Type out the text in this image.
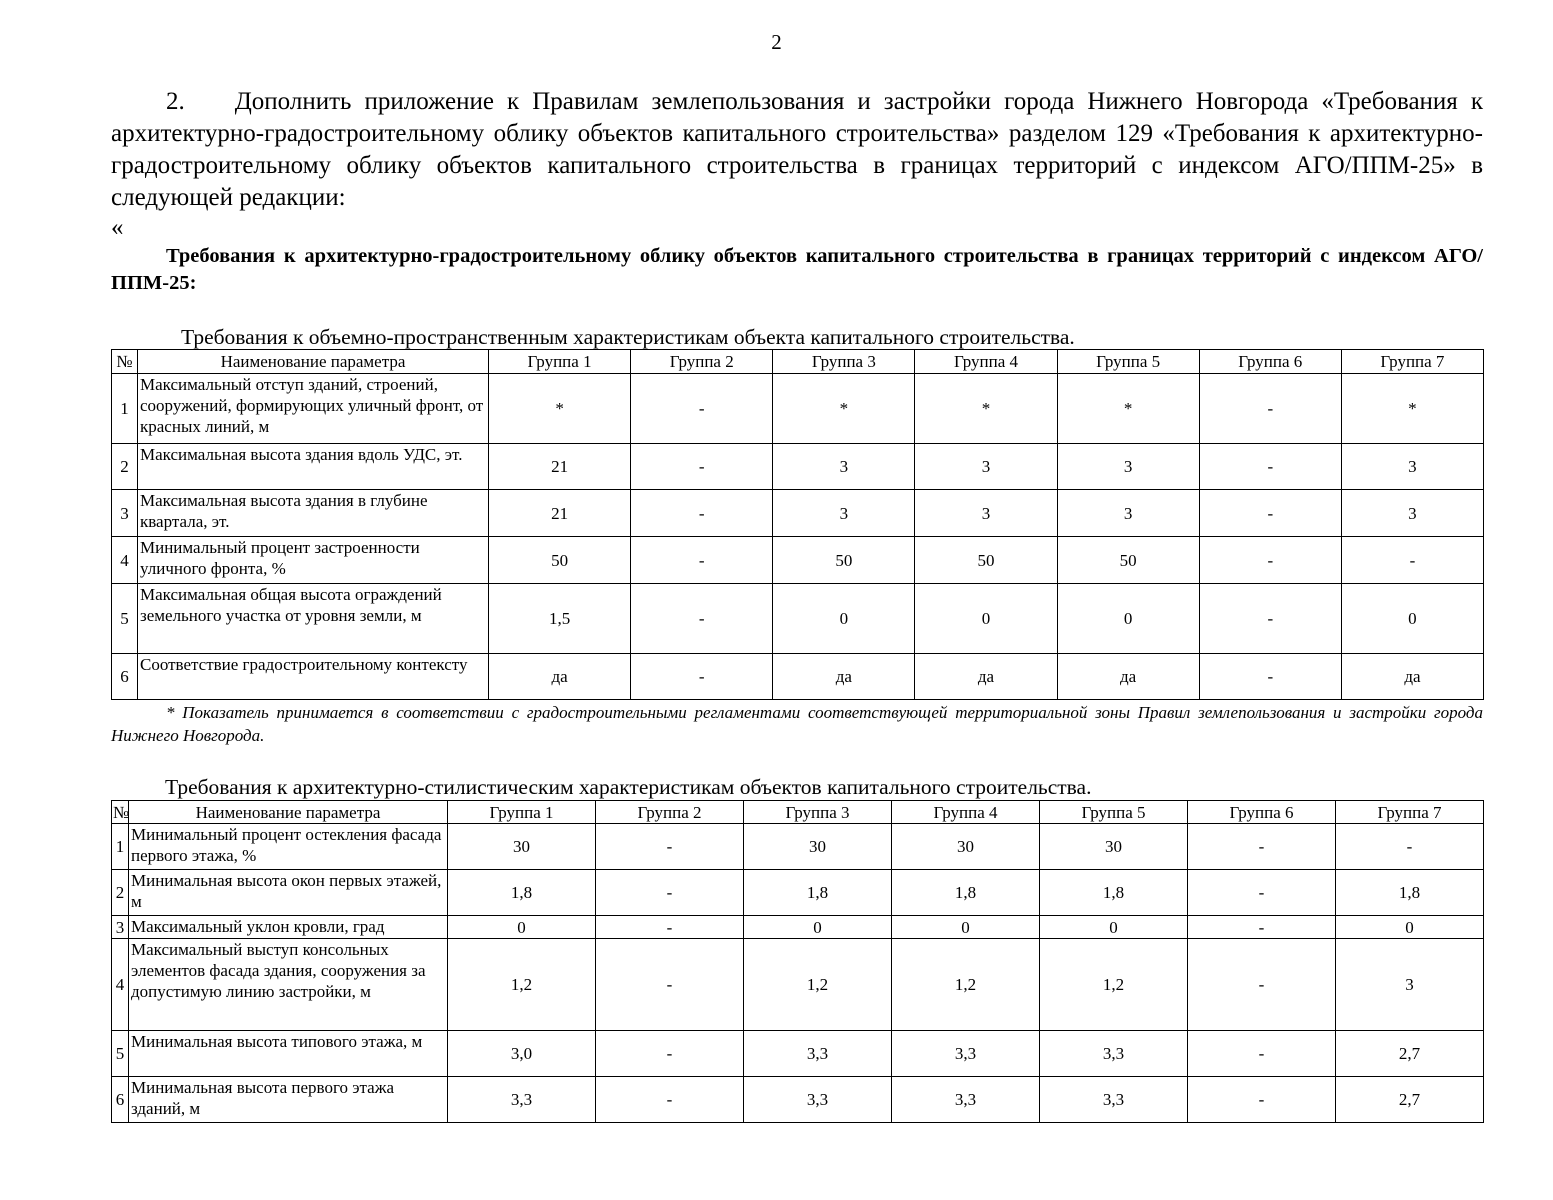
2
2.  Дополнить приложение к Правилам землепользования и застройки города Нижнего Новгорода «Требования к архитектурно-градостроительному облику объектов капитального строительства» разделом 129 «Требования к архитектурно-градостроительному облику объектов капитального строительства в границах территорий с индексом АГО/ППМ-25» в следующей редакции:
«
Требования к архитектурно-градостроительному облику объектов капитального строительства в границах территорий с индексом АГО/ППМ-25:
Требования к объемно-пространственным характеристикам объекта капитального строительства.
№	Наименование параметра	Группа 1	Группа 2	Группа 3	Группа 4	Группа 5	Группа 6	Группа 7
1	Максимальный отступ зданий, строений, сооружений, формирующих уличный фронт, от красных линий, м	*	-	*	*	*	-	*
2	Максимальная высота здания вдоль УДС, эт.	21	-	3	3	3	-	3
3	Максимальная высота здания в глубине квартала, эт.	21	-	3	3	3	-	3
4	Минимальный процент застроенности уличного фронта, %	50	-	50	50	50	-	-
5	Максимальная общая высота ограждений земельного участка от уровня земли, м	1,5	-	0	0	0	-	0
6	Соответствие градостроительному контексту	да	-	да	да	да	-	да
* Показатель принимается в соответствии с градостроительными регламентами соответствующей территориальной зоны Правил землепользования и застройки города Нижнего Новгорода.
Требования к архитектурно-стилистическим характеристикам объектов капитального строительства.
№	Наименование параметра	Группа 1	Группа 2	Группа 3	Группа 4	Группа 5	Группа 6	Группа 7
1	Минимальный процент остекления фасада первого этажа, %	30	-	30	30	30	-	-
2	Минимальная высота окон первых этажей, м	1,8	-	1,8	1,8	1,8	-	1,8
3	Максимальный уклон кровли, град	0	-	0	0	0	-	0
4	Максимальный выступ консольных элементов фасада здания, сооружения за допустимую линию застройки, м	1,2	-	1,2	1,2	1,2	-	3
5	Минимальная высота типового этажа, м	3,0	-	3,3	3,3	3,3	-	2,7
6	Минимальная высота первого этажа зданий, м	3,3	-	3,3	3,3	3,3	-	2,7
